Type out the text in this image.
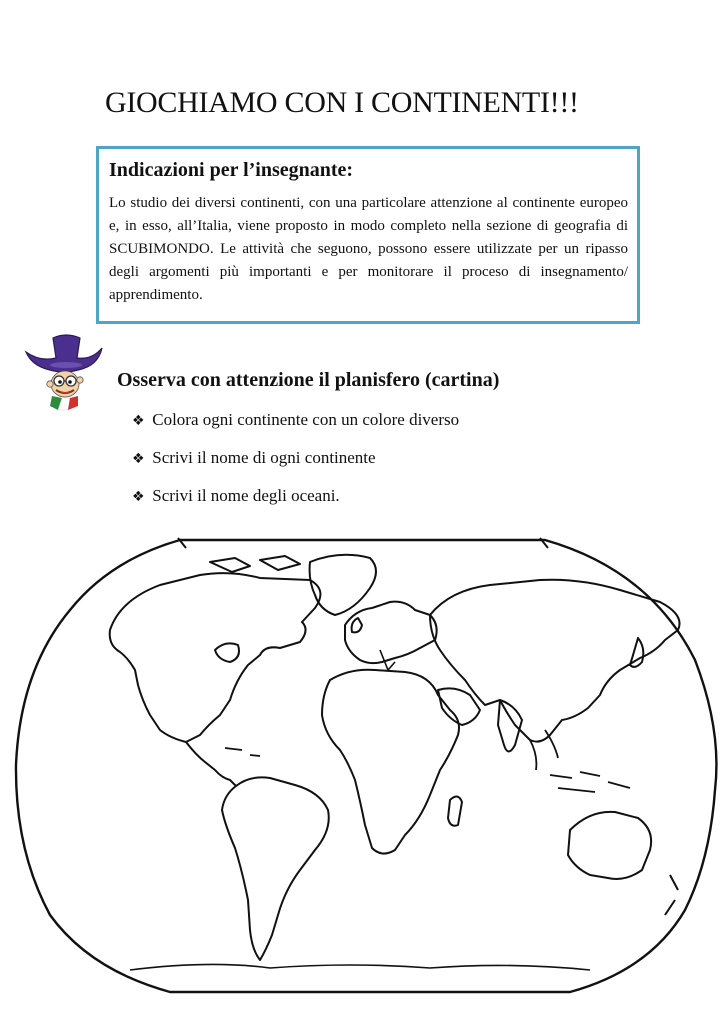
GIOCHIAMO CON I CONTINENTI!!!

Indicazioni per l’insegnante:

Lo studio dei diversi continenti, con una particolare attenzione al continente europeo e, in esso, all’Italia, viene proposto in modo completo nella sezione di geografia di SCUBIMONDO. Le attività che seguono, possono essere utilizzate per un ripasso degli argomenti più importanti e per monitorare il proceso di insegnamento/ apprendimento.

Osserva con attenzione il planisfero (cartina)

❖ Colora ogni continente con un colore diverso
❖ Scrivi il nome di ogni continente
❖ Scrivi il nome degli oceani.
